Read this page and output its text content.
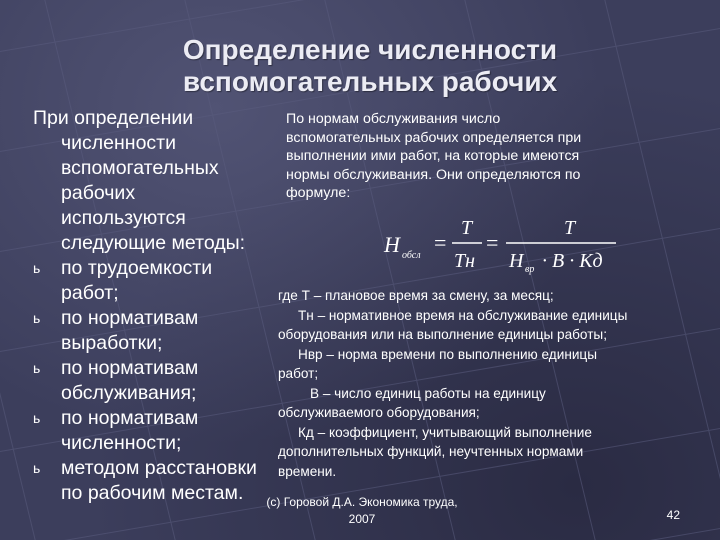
Определение численности
вспомогательных рабочих
При определении
численности
вспомогательных
рабочих
используются
следующие методы:
ь по трудоемкости
работ;
ь по нормативам
выработки;
ь по нормативам
обслуживания;
ь по нормативам
численности;
ь методом расстановки
по рабочим местам.
По нормам обслуживания число
вспомогательных рабочих определяется при
выполнении ими работ, на которые имеются
нормы обслуживания. Они определяются по
формуле:
H обсл
=
T
Тн
=
T
H вр · B · Кд
где Т – плановое время за смену, за месяц;
Тн – нормативное время на обслуживание единицы
оборудования или на выполнение единицы работы;
Нвр – норма времени по выполнению единицы
работ;
В – число единиц работы на единицу
обслуживаемого оборудования;
Кд – коэффициент, учитывающий выполнение
дополнительных функций, неучтенных нормами
времени.
(с) Горовой Д.А. Экономика труда,
2007	42
